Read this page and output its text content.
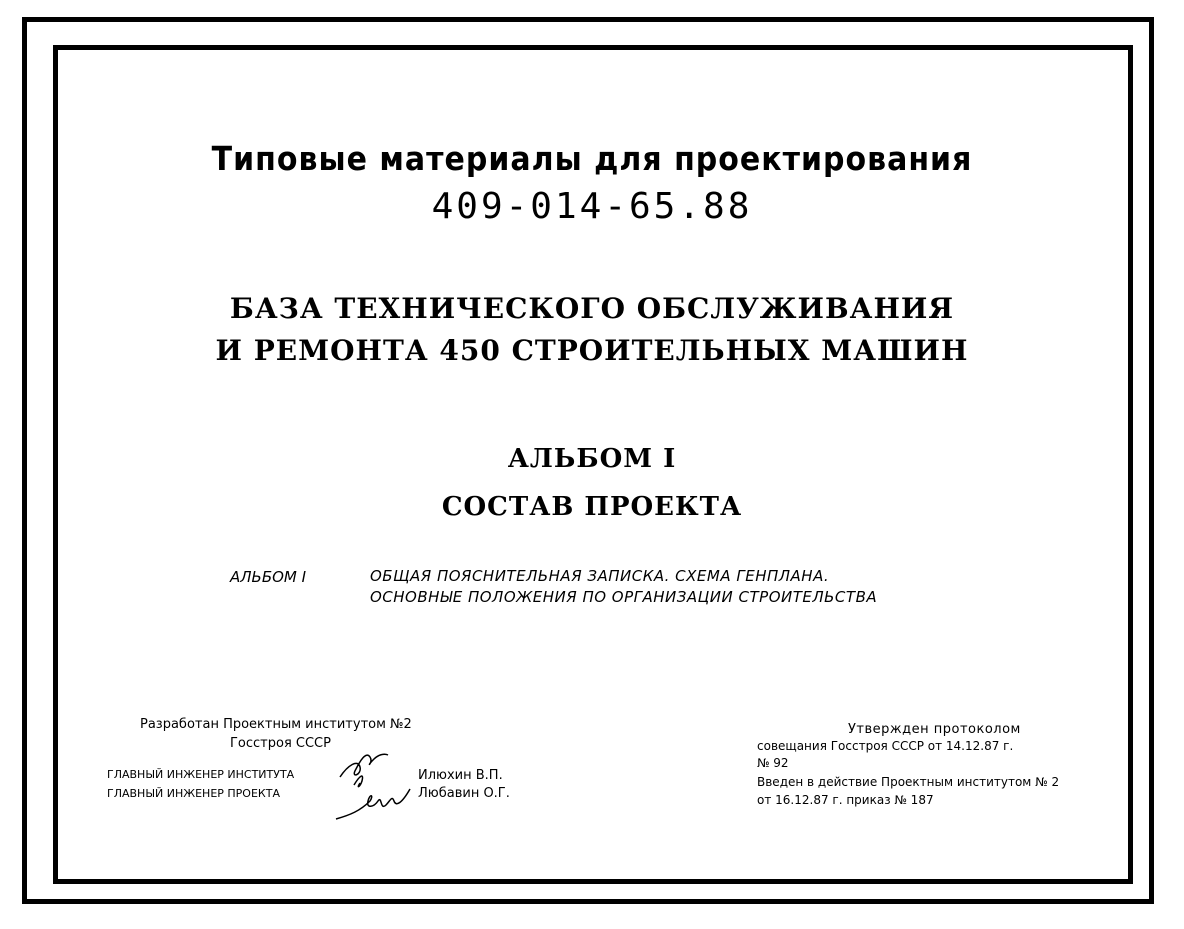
Типовые материалы для проектирования
409-014-65.88
БАЗА ТЕХНИЧЕСКОГО ОБСЛУЖИВАНИЯ
И РЕМОНТА 450 СТРОИТЕЛЬНЫХ МАШИН
АЛЬБОМ I
СОСТАВ ПРОЕКТА
АЛЬБОМ I	ОБЩАЯ ПОЯСНИТЕЛЬНАЯ ЗАПИСКА. СХЕМА ГЕНПЛАНА.
ОСНОВНЫЕ ПОЛОЖЕНИЯ ПО ОРГАНИЗАЦИИ СТРОИТЕЛЬСТВА
Разработан Проектным институтом №2
Госстроя СССР
ГЛАВНЫЙ ИНЖЕНЕР ИНСТИТУТА
ГЛАВНЫЙ ИНЖЕНЕР ПРОЕКТА
Илюхин В.П.
Любавин О.Г.
Утвержден протоколом
совещания Госстроя СССР от 14.12.87 г.
№ 92
Введен в действие Проектным институтом № 2
от 16.12.87 г. приказ № 187
